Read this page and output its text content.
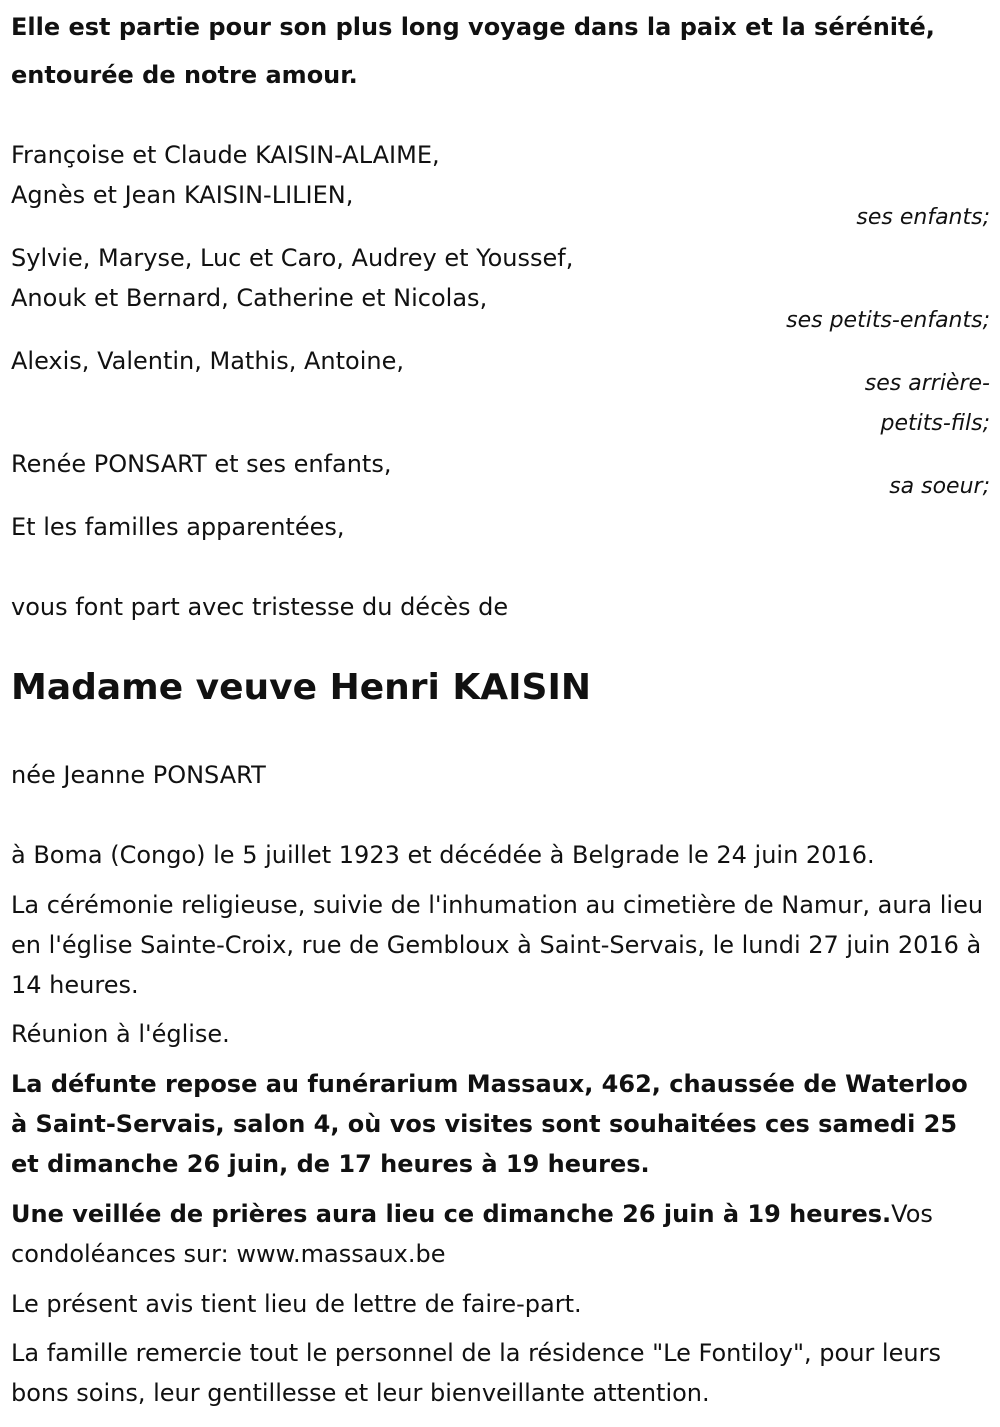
Elle est partie pour son plus long voyage dans la paix et la sérénité,

entourée de notre amour.

Françoise et Claude KAISIN-ALAIME,

Agnès et Jean KAISIN-LILIEN,

ses enfants;

Sylvie, Maryse, Luc et Caro, Audrey et Youssef,

Anouk et Bernard, Catherine et Nicolas,

ses petits-enfants;

Alexis, Valentin, Mathis, Antoine,

ses arrière-
petits-fils;

Renée PONSART et ses enfants,

sa soeur;

Et les familles apparentées,

vous font part avec tristesse du décès de

Madame veuve Henri KAISIN

née Jeanne PONSART

à Boma (Congo) le 5 juillet 1923 et décédée à Belgrade le 24 juin 2016.

La cérémonie religieuse, suivie de l'inhumation au cimetière de Namur, aura lieu en l'église Sainte-Croix, rue de Gembloux à Saint-Servais, le lundi 27 juin 2016 à 14 heures.

Réunion à l'église.

La défunte repose au funérarium Massaux, 462, chaussée de Waterloo à Saint-Servais, salon 4, où vos visites sont souhaitées ces samedi 25 et dimanche 26 juin, de 17 heures à 19 heures.

Une veillée de prières aura lieu ce dimanche 26 juin à 19 heures.Vos condoléances sur: www.massaux.be

Le présent avis tient lieu de lettre de faire-part.

La famille remercie tout le personnel de la résidence "Le Fontiloy", pour leurs bons soins, leur gentillesse et leur bienveillante attention.
